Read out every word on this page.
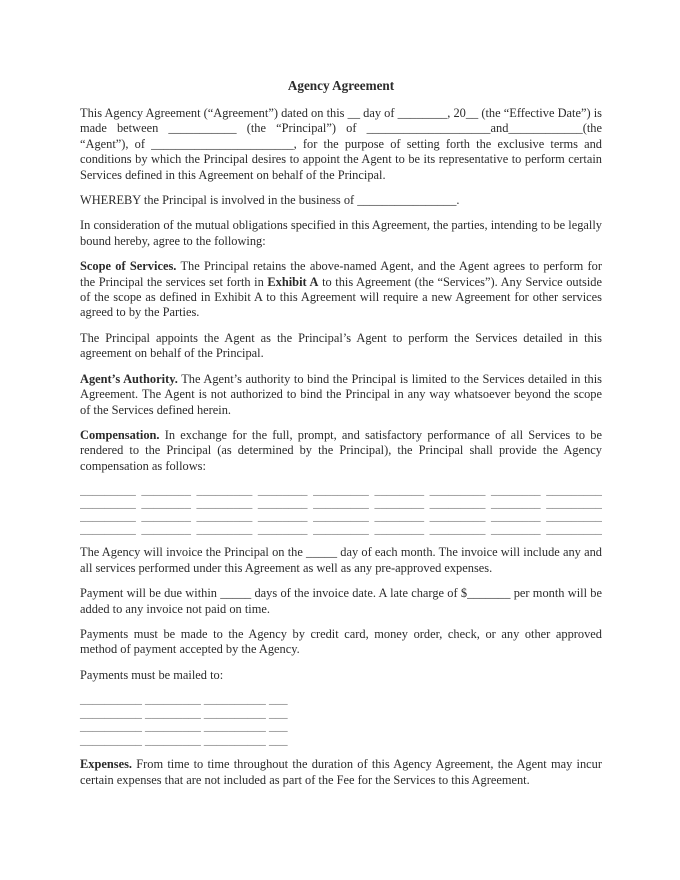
Agency Agreement

This Agency Agreement (“Agreement”) dated on this __ day of ________, 20__ (the “Effective Date”) is made between ___________ (the “Principal”) of ____________________and____________(the “Agent”), of _______________________, for the purpose of setting forth the exclusive terms and conditions by which the Principal desires to appoint the Agent to be its representative to perform certain Services defined in this Agreement on behalf of the Principal.

WHEREBY the Principal is involved in the business of ________________.

In consideration of the mutual obligations specified in this Agreement, the parties, intending to be legally bound hereby, agree to the following:

Scope of Services. The Principal retains the above-named Agent, and the Agent agrees to perform for the Principal the services set forth in Exhibit A to this Agreement (the “Services”). Any Service outside of the scope as defined in Exhibit A to this Agreement will require a new Agreement for other services agreed to by the Parties.

The Principal appoints the Agent as the Principal’s Agent to perform the Services detailed in this agreement on behalf of the Principal.

Agent’s Authority. The Agent’s authority to bind the Principal is limited to the Services detailed in this Agreement. The Agent is not authorized to bind the Principal in any way whatsoever beyond the scope of the Services defined herein.

Compensation. In exchange for the full, prompt, and satisfactory performance of all Services to be rendered to the Principal (as determined by the Principal), the Principal shall provide the Agency compensation as follows:

_________ ________ _________ ________ _________ ________ _________ ________ _________
_________ ________ _________ ________ _________ ________ _________ ________ _________
_________ ________ _________ ________ _________ ________ _________ ________ _________
_________ ________ _________ ________ _________ ________ _________ ________ _________

The Agency will invoice the Principal on the _____ day of each month. The invoice will include any and all services performed under this Agreement as well as any pre-approved expenses.

Payment will be due within _____ days of the invoice date. A late charge of $_______ per month will be added to any invoice not paid on time.

Payments must be made to the Agency by credit card, money order, check, or any other approved method of payment accepted by the Agency.

Payments must be mailed to:

__________ _________ __________ ___
__________ _________ __________ ___
__________ _________ __________ ___
__________ _________ __________ ___

Expenses. From time to time throughout the duration of this Agency Agreement, the Agent may incur certain expenses that are not included as part of the Fee for the Services to this Agreement.
